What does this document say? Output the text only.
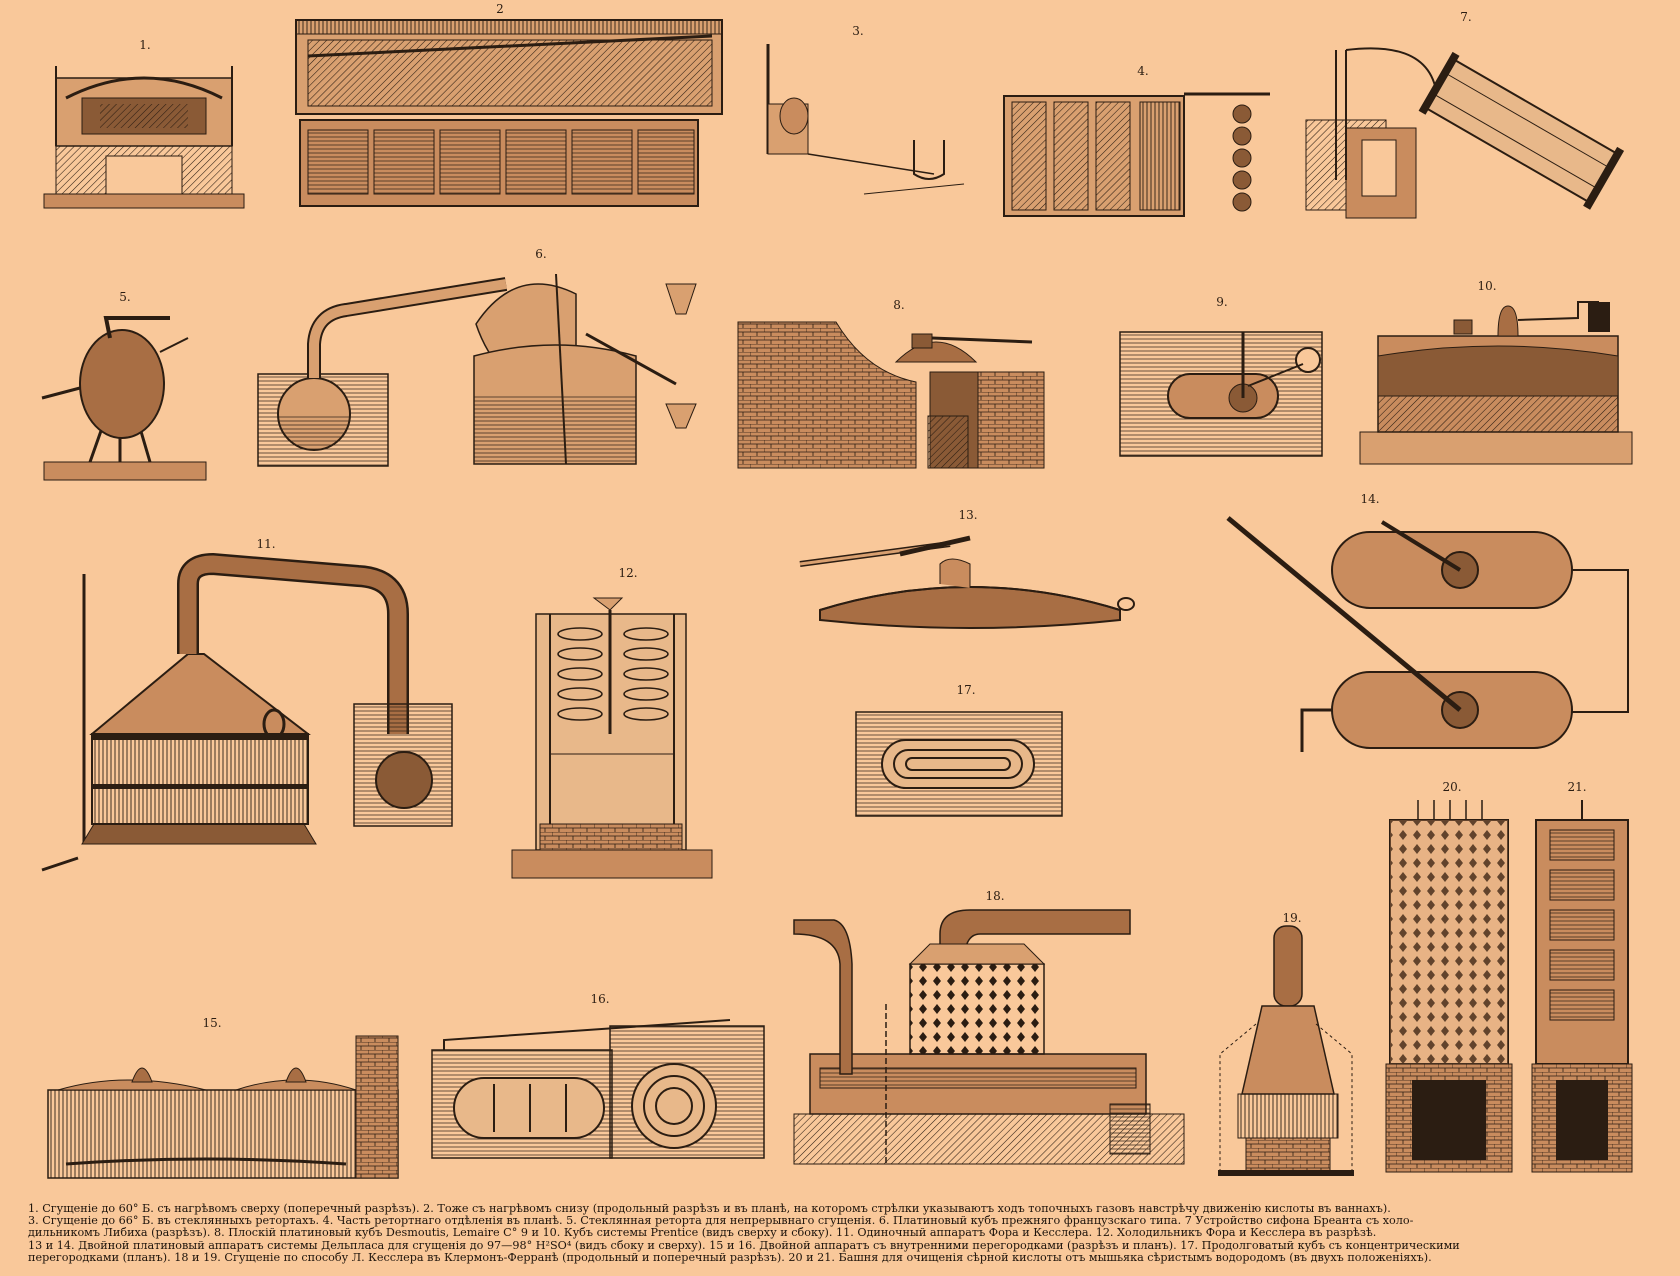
1.
2
3.
4.
5.
6.
7.
8.	9.
10.
11.
12.
13.
14.
15.
16.
17.
18.
19.
20.	21.
1. Сгущеніе до 60° Б. съ нагрѣвомъ сверху (поперечный разрѣзъ). 2. Тоже съ нагрѣвомъ снизу (продольный разрѣзъ и въ планѣ, на которомъ стрѣлки указываютъ ходъ топочныхъ газовъ навстрѣчу движенію кислоты въ ваннахъ).
3. Сгущеніе до 66° Б. въ стеклянныхъ ретортахъ. 4. Часть ретортнаго отдѣленія въ планѣ. 5. Стеклянная реторта для непрерывнаго сгущенія. 6. Платиновый кубъ прежняго французскаго типа. 7 Устройство сифона Бреанта съ холо-
дильникомъ Либиха (разрѣзъ). 8. Плоскій платиновый кубъ Desmoutis, Lemaire C° 9 и 10. Кубъ системы Prentice (видъ сверху и сбоку). 11. Одиночный аппаратъ Фора и Кесслера. 12. Холодильникъ Фора и Кесслера въ разрѣзѣ.
13 и 14. Двойной платиновый аппаратъ системы Дельпласа для сгущенія до 97—98° H²SO⁴ (видъ сбоку и сверху). 15 и 16. Двойной аппаратъ съ внутренними перегородками (разрѣзъ и планъ). 17. Продолговатый кубъ съ концентрическими
перегородками (планъ). 18 и 19. Сгущеніе по способу Л. Кесслера въ Клермонъ-Ферранѣ (продольный и поперечный разрѣзъ). 20 и 21. Башня для очищенія сѣрной кислоты отъ мышьяка сѣристымъ водородомъ (въ двухъ положеніяхъ).
